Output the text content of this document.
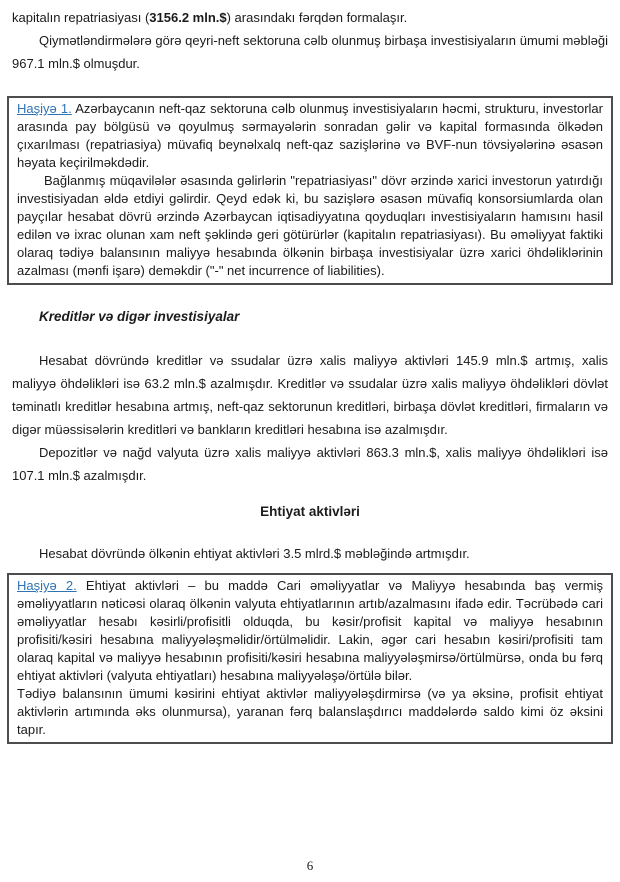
kapitalın repatriasiyası (3156.2 mln.$) arasındakı fərqdən formalaşır.

Qiymətləndirmələrə görə qeyri-neft sektoruna cəlb olunmuş birbaşa investisiyaların ümumi məbləği 967.1 mln.$ olmuşdur.

Haşiyə 1. Azərbaycanın neft-qaz sektoruna cəlb olunmuş investisiyaların həcmi, strukturu, investorlar arasında pay bölgüsü və qoyulmuş sərmayələrin sonradan gəlir və kapital formasında ölkədən çıxarılması (repatriasiya) müvafiq beynəlxalq neft-qaz sazişlərinə və BVF-nun tövsiyələrinə əsasən həyata keçirilməkdədir.

Bağlanmış müqavilələr əsasında gəlirlərin "repatriasiyası" dövr ərzində xarici investorun yatırdığı investisiyadan əldə etdiyi gəlirdir. Qeyd edək ki, bu sazişlərə əsasən müvafiq konsorsiumlarda olan payçılar hesabat dövrü ərzində Azərbaycan iqtisadiyyatına qoyduqları investisiyaların hamısını hasil edilən və ixrac olunan xam neft şəklində geri götürürlər (kapitalın repatriasiyası). Bu əməliyyat faktiki olaraq tədiyə balansının maliyyə hesabında ölkənin birbaşa investisiyalar üzrə xarici öhdəliklərinin azalması (mənfi işarə) deməkdir ("-" net incurrence of liabilities).

Kreditlər və digər investisiyalar

Hesabat dövründə kreditlər və ssudalar üzrə xalis maliyyə aktivləri 145.9 mln.$ artmış, xalis maliyyə öhdəlikləri isə 63.2 mln.$ azalmışdır. Kreditlər və ssudalar üzrə xalis maliyyə öhdəlikləri dövlət təminatlı kreditlər hesabına artmış, neft-qaz sektorunun kreditləri, birbaşa dövlət kreditləri, firmaların və digər müəssisələrin kreditləri və bankların kreditləri hesabına isə azalmışdır.

Depozitlər və nağd valyuta üzrə xalis maliyyə aktivləri 863.3 mln.$, xalis maliyyə öhdəlikləri isə 107.1 mln.$ azalmışdır.

Ehtiyat aktivləri

Hesabat dövründə ölkənin ehtiyat aktivləri 3.5 mlrd.$ məbləğində artmışdır.

Haşiyə 2. Ehtiyat aktivləri – bu maddə Cari əməliyyatlar və Maliyyə hesabında baş vermiş əməliyyatların nəticəsi olaraq ölkənin valyuta ehtiyatlarının artıb/azalmasını ifadə edir. Təcrübədə cari əməliyyatlar hesabı kəsirli/profisitli olduqda, bu kəsir/profisit kapital və maliyyə hesabının profisiti/kəsiri hesabına maliyyələşməlidir/örtülməlidir. Lakin, əgər cari hesabın kəsiri/profisiti tam olaraq kapital və maliyyə hesabının profisiti/kəsiri hesabına maliyyələşmirsə/örtülmürsə, onda bu fərq ehtiyat aktivləri (valyuta ehtiyatları) hesabına maliyyələşə/örtülə bilər.

Tədiyə balansının ümumi kəsirini ehtiyat aktivlər maliyyələşdirmirsə (və ya əksinə, profisit ehtiyat aktivlərin artımında əks olunmursa), yaranan fərq balanslaşdırıcı maddələrdə saldo kimi öz əksini tapır.

6
